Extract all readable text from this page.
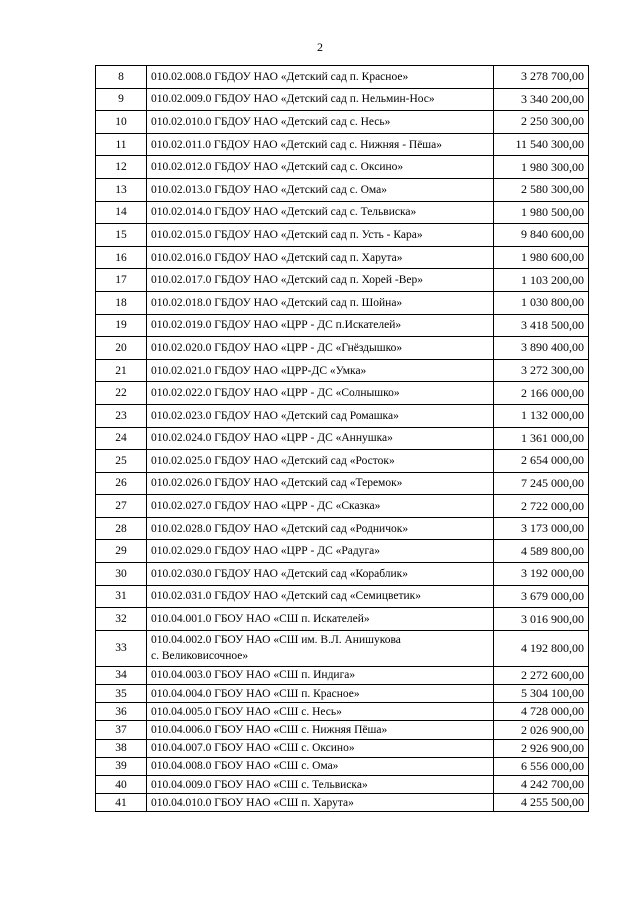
2
8	010.02.008.0 ГБДОУ НАО «Детский сад п. Красное»	3 278 700,00
9	010.02.009.0 ГБДОУ НАО «Детский сад п. Нельмин-Нос»	3 340 200,00
10	010.02.010.0 ГБДОУ НАО «Детский сад с. Несь»	2 250 300,00
11	010.02.011.0 ГБДОУ НАО «Детский сад с. Нижняя - Пёша»	11 540 300,00
12	010.02.012.0 ГБДОУ НАО «Детский сад с. Оксино»	1 980 300,00
13	010.02.013.0 ГБДОУ НАО «Детский сад с. Ома»	2 580 300,00
14	010.02.014.0 ГБДОУ НАО «Детский сад с. Тельвиска»	1 980 500,00
15	010.02.015.0 ГБДОУ НАО «Детский сад п. Усть - Кара»	9 840 600,00
16	010.02.016.0 ГБДОУ НАО «Детский сад п. Харута»	1 980 600,00
17	010.02.017.0 ГБДОУ НАО «Детский сад п. Хорей -Вер»	1 103 200,00
18	010.02.018.0 ГБДОУ НАО «Детский сад п. Шойна»	1 030 800,00
19	010.02.019.0 ГБДОУ НАО «ЦРР - ДС п.Искателей»	3 418 500,00
20	010.02.020.0 ГБДОУ НАО «ЦРР - ДС «Гнёздышко»	3 890 400,00
21	010.02.021.0 ГБДОУ НАО «ЦРР-ДС «Умка»	3 272 300,00
22	010.02.022.0 ГБДОУ НАО «ЦРР - ДС «Солнышко»	2 166 000,00
23	010.02.023.0 ГБДОУ НАО «Детский сад Ромашка»	1 132 000,00
24	010.02.024.0 ГБДОУ НАО «ЦРР - ДС «Аннушка»	1 361 000,00
25	010.02.025.0 ГБДОУ НАО «Детский сад «Росток»	2 654 000,00
26	010.02.026.0 ГБДОУ НАО «Детский сад «Теремок»	7 245 000,00
27	010.02.027.0 ГБДОУ НАО «ЦРР - ДС «Сказка»	2 722 000,00
28	010.02.028.0 ГБДОУ НАО «Детский сад «Родничок»	3 173 000,00
29	010.02.029.0 ГБДОУ НАО «ЦРР - ДС «Радуга»	4 589 800,00
30	010.02.030.0 ГБДОУ НАО «Детский сад «Кораблик»	3 192 000,00
31	010.02.031.0 ГБДОУ НАО «Детский сад «Семицветик»	3 679 000,00
32	010.04.001.0 ГБОУ НАО «СШ п. Искателей»	3 016 900,00
33	010.04.002.0 ГБОУ НАО «СШ им. В.Л. Анишукова
с. Великовисочное»	4 192 800,00
34	010.04.003.0 ГБОУ НАО «СШ п. Индига»	2 272 600,00
35	010.04.004.0 ГБОУ НАО «СШ п. Красное»	5 304 100,00
36	010.04.005.0 ГБОУ НАО «СШ с. Несь»	4 728 000,00
37	010.04.006.0 ГБОУ НАО «СШ с. Нижняя Пёша»	2 026 900,00
38	010.04.007.0 ГБОУ НАО «СШ с. Оксино»	2 926 900,00
39	010.04.008.0 ГБОУ НАО «СШ с. Ома»	6 556 000,00
40	010.04.009.0 ГБОУ НАО «СШ с. Тельвиска»	4 242 700,00
41	010.04.010.0 ГБОУ НАО «СШ п. Харута»	4 255 500,00
